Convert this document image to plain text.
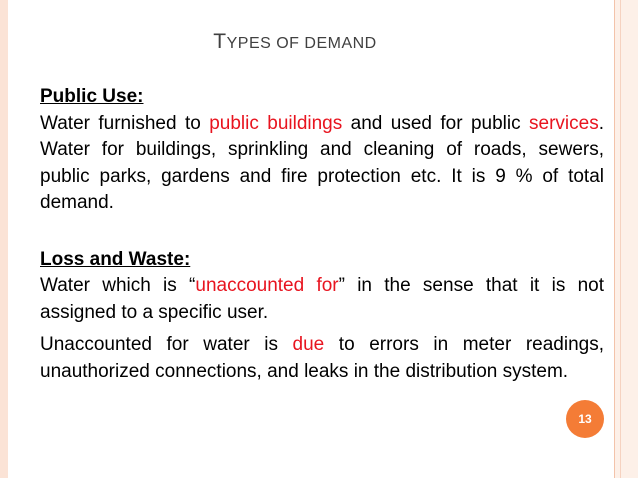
TYPES OF DEMAND
Public Use:

Water furnished to public buildings and used for public services. Water for buildings, sprinkling and cleaning of roads, sewers, public parks, gardens and fire protection etc. It is 9 % of total demand.

Loss and Waste:

Water which is “unaccounted for” in the sense that it is not assigned to a specific user.

Unaccounted for water is due to errors in meter readings, unauthorized connections, and leaks in the distribution system.

13
